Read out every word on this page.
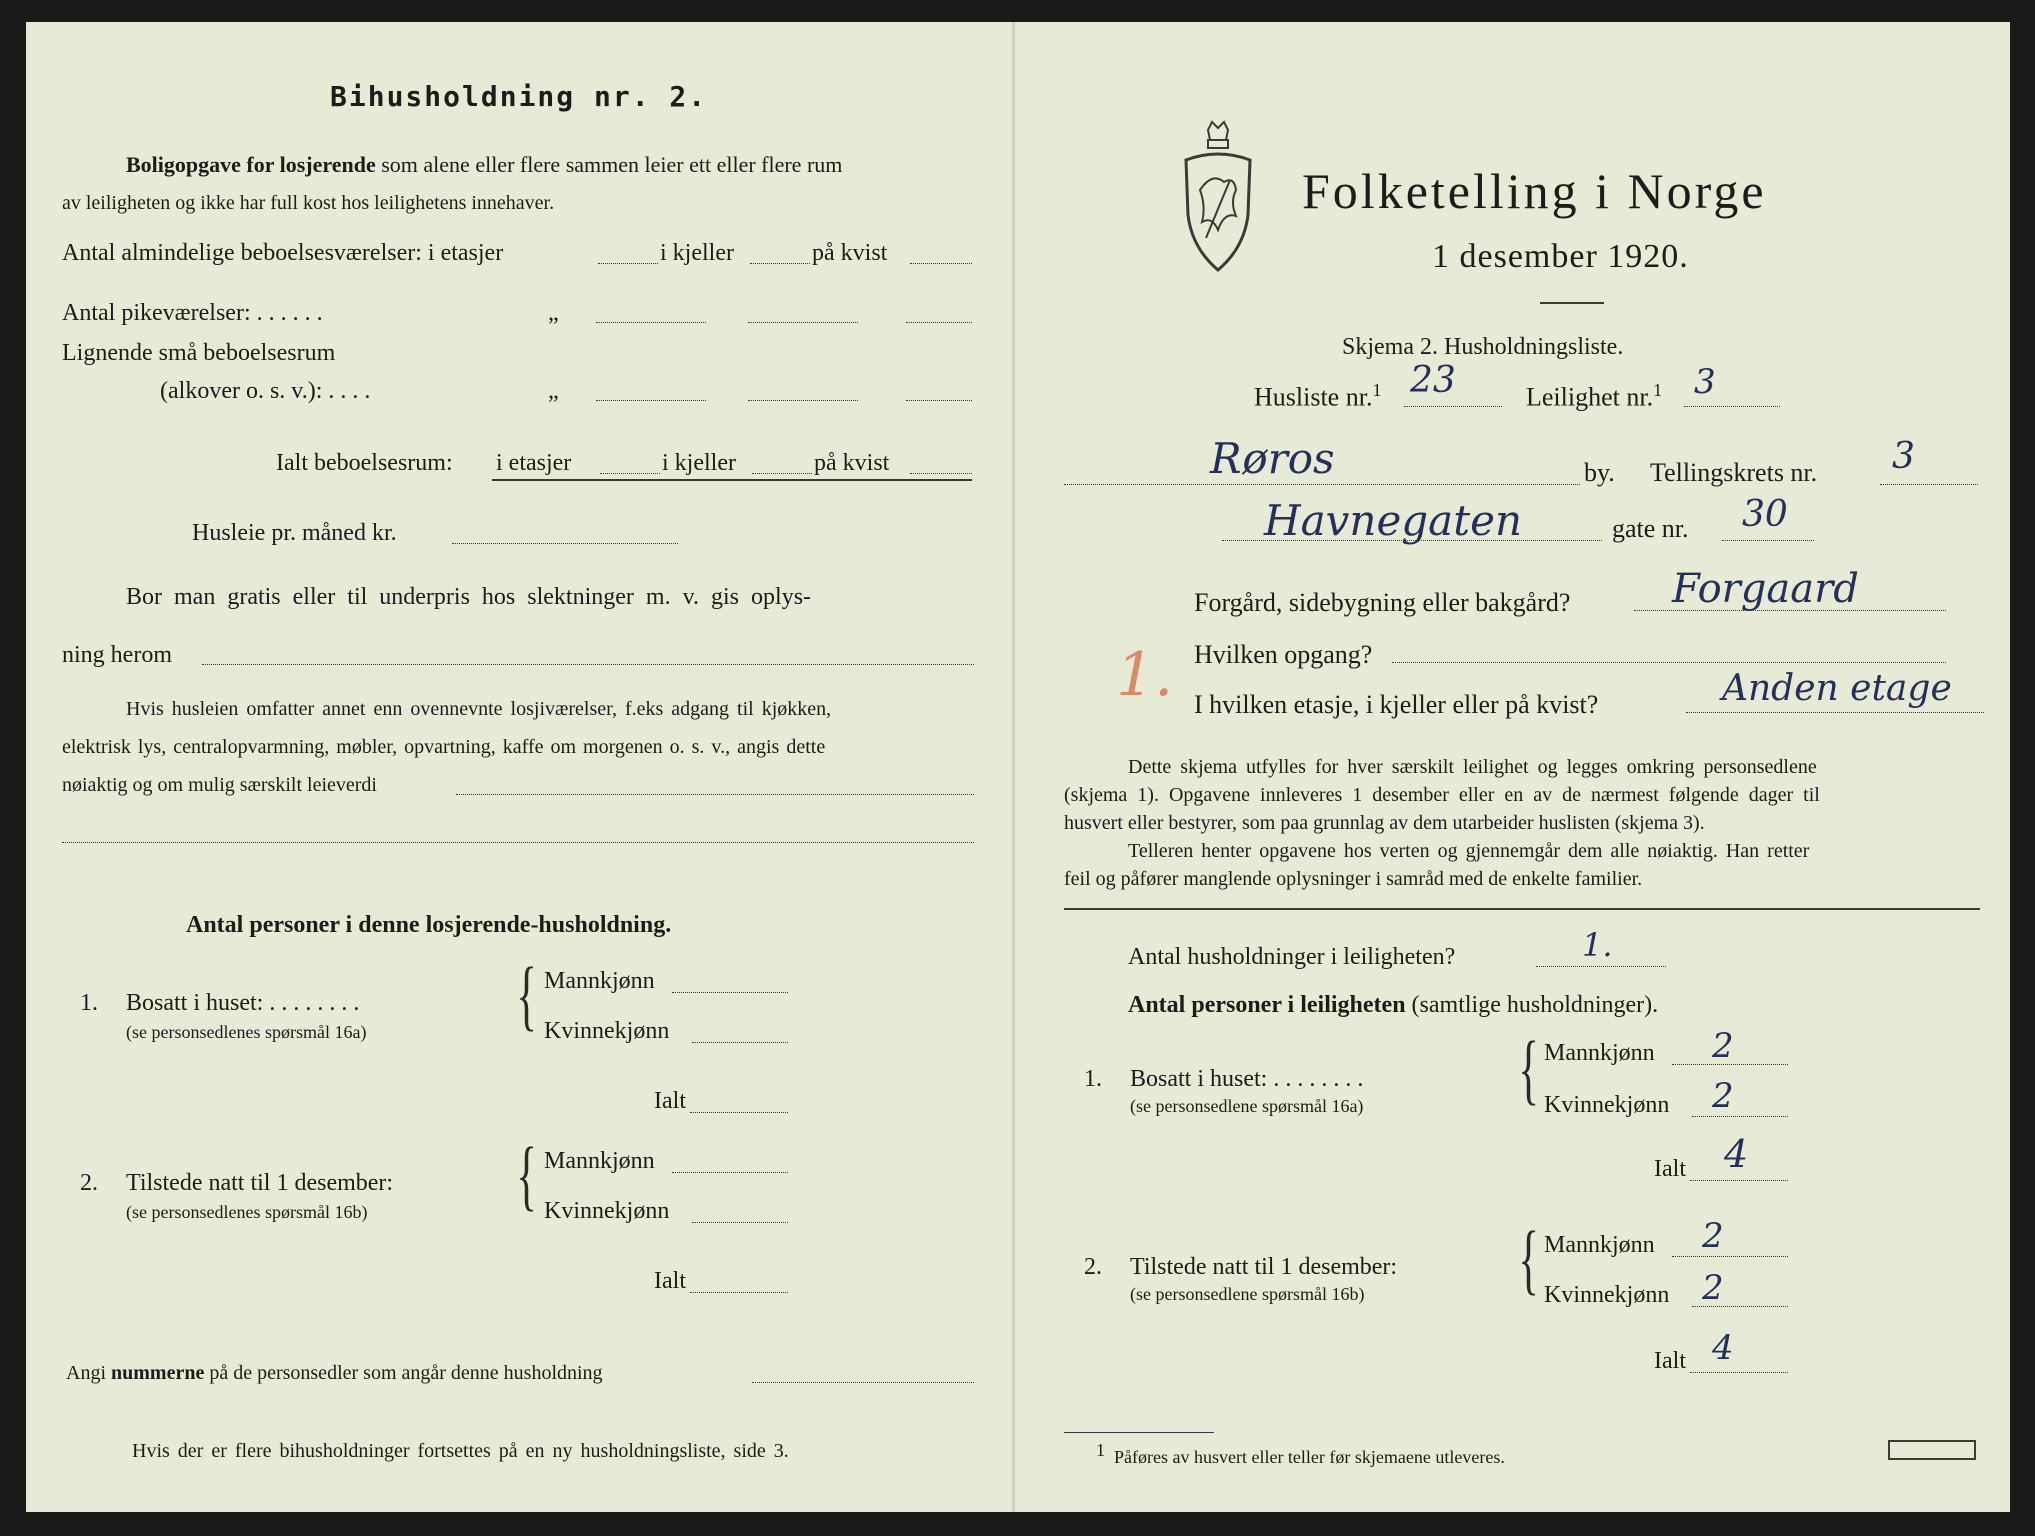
Bihusholdning nr. 2.
Boligopgave for losjerende som alene eller flere sammen leier ett eller flere rum
av leiligheten og ikke har full kost hos leilighetens innehaver.
Antal almindelige beboelsesværelser: i etasjer	i kjeller	på kvist
Antal pikeværelser: . . . . . .	„
Lignende små beboelsesrum
(alkover o. s. v.): . . . .	„
Ialt beboelsesrum: i etasjer	i kjeller	på kvist
Husleie pr. måned kr.
Bor man gratis eller til underpris hos slektninger m. v. gis oplys-
ning herom
Hvis husleien omfatter annet enn ovennevnte losjiværelser, f.eks adgang til kjøkken,
elektrisk lys, centralopvarmning, møbler, opvartning, kaffe om morgenen o. s. v., angis dette
nøiaktig og om mulig særskilt leieverdi
Antal personer i denne losjerende-husholdning.
1. Bosatt i huset: . . . . . . . .
(se personsedlenes spørsmål 16a) { Mannkjønn
Kvinnekjønn
Ialt
2. Tilstede natt til 1 desember:
(se personsedlenes spørsmål 16b) { Mannkjønn
Kvinnekjønn
Ialt
Angi nummerne på de personsedler som angår denne husholdning
Hvis der er flere bihusholdninger fortsettes på en ny husholdningsliste, side 3.
Folketelling i Norge
1 desember 1920.
Skjema 2. Husholdningsliste.
Husliste nr.$^1$ 23	Leilighet nr.$^1$ 3
Røros	by. Tellingskrets nr. 3
Havnegaten	gate nr. 30
Forgård, sidebygning eller bakgård?	Forgaard
Hvilken opgang?
1. I hvilken etasje, i kjeller eller på kvist?	Anden etage
Dette skjema utfylles for hver særskilt leilighet og legges omkring personsedlene
(skjema 1). Opgavene innleveres 1 desember eller en av de nærmest følgende dager til
husvert eller bestyrer, som paa grunnlag av dem utarbeider huslisten (skjema 3).
Telleren henter opgavene hos verten og gjennemgår dem alle nøiaktig. Han retter
feil og påfører manglende oplysninger i samråd med de enkelte familier.
Antal husholdninger i leiligheten?	1.
Antal personer i leiligheten (samtlige husholdninger).
1. Bosatt i huset: . . . . . . . .
(se personsedlene spørsmål 16a) { Mannkjønn 2
Kvinnekjønn 2
Ialt 4
2. Tilstede natt til 1 desember:
(se personsedlene spørsmål 16b) { Mannkjønn 2
Kvinnekjønn 2
Ialt 4
$^1$ Påføres av husvert eller teller før skjemaene utleveres.
